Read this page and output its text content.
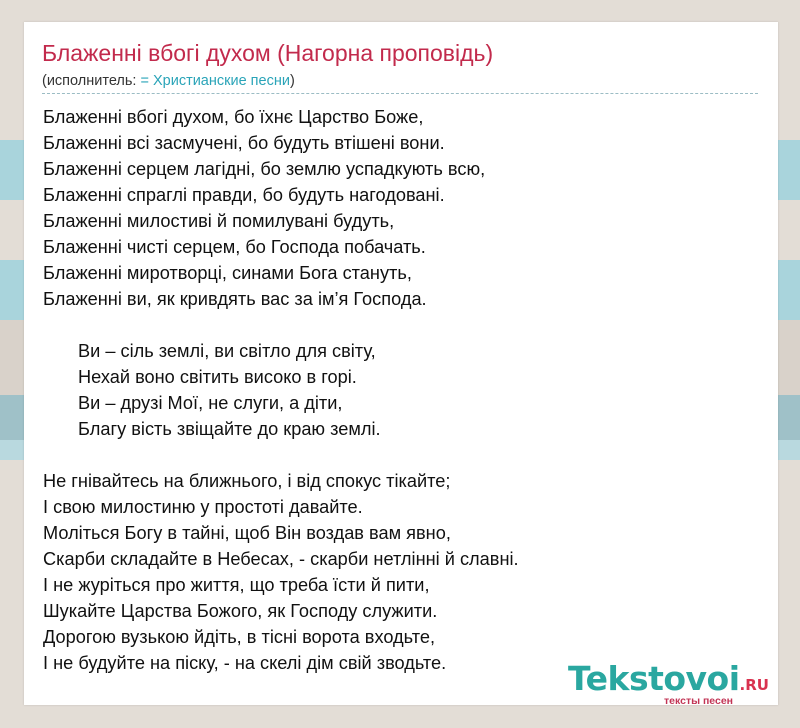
Блаженні вбогі духом (Нагорна проповідь)
(исполнитель: = Христианские песни)
Блаженні вбогі духом, бо їхнє Царство Боже,
Блаженні всі засмучені, бо будуть втішені вони.
Блаженні серцем лагідні, бо землю успадкують всю,
Блаженні спраглі правди, бо будуть нагодовані.
Блаженні милостиві й помилувані будуть,
Блаженні чисті серцем, бо Господа побачать.
Блаженні миротворці, синами Бога стануть,
Блаженні ви, як кривдять вас за ім’я Господа.
Ви – сіль землі, ви світло для світу,
Нехай воно світить високо в горі.
Ви – друзі Мої, не слуги, а діти,
Благу вість звіщайте до краю землі.
Не гнівайтесь на ближнього, і від спокус тікайте;
І свою милостиню у простоті давайте.
Моліться Богу в тайні, щоб Він воздав вам явно,
Скарби складайте в Небесах, - скарби нетлінні й славні.
І не журіться про життя, що треба їсти й пити,
Шукайте Царства Божого, як Господу служити.
Дорогою вузькою йдіть, в тісні ворота входьте,
І не будуйте на піску, - на скелі дім свій зводьте.	Tekstovoi.RU
тексты песен
